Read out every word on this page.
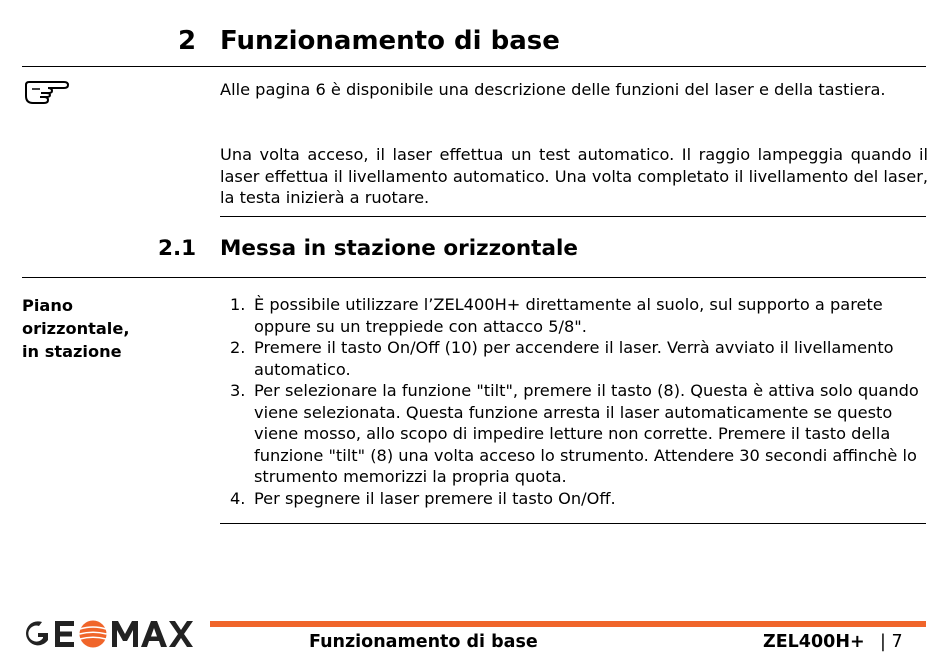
2 Funzionamento di base
Alle pagina 6 è disponibile una descrizione delle funzioni del laser e della tastiera.
Una volta acceso, il laser effettua un test automatico. Il raggio lampeggia quando il laser effettua il livellamento automatico. Una volta completato il livellamento del laser, la testa inizierà a ruotare.
2.1 Messa in stazione orizzontale
Piano
orizzontale,
in stazione
1. È possibile utilizzare l’ZEL400H+ direttamente al suolo, sul supporto a parete oppure su un treppiede con attacco 5/8".
2. Premere il tasto On/Off (10) per accendere il laser. Verrà avviato il livellamento automatico.
3. Per selezionare la funzione "tilt", premere il tasto (8). Questa è attiva solo quando viene selezionata. Questa funzione arresta il laser automaticamente se questo viene mosso, allo scopo di impedire letture non corrette. Premere il tasto della funzione "tilt" (8) una volta acceso lo strumento. Attendere 30 secondi affinchè lo strumento memorizzi la propria quota.
4. Per spegnere il laser premere il tasto On/Off.
Funzionamento di base	ZEL400H+ | 7
